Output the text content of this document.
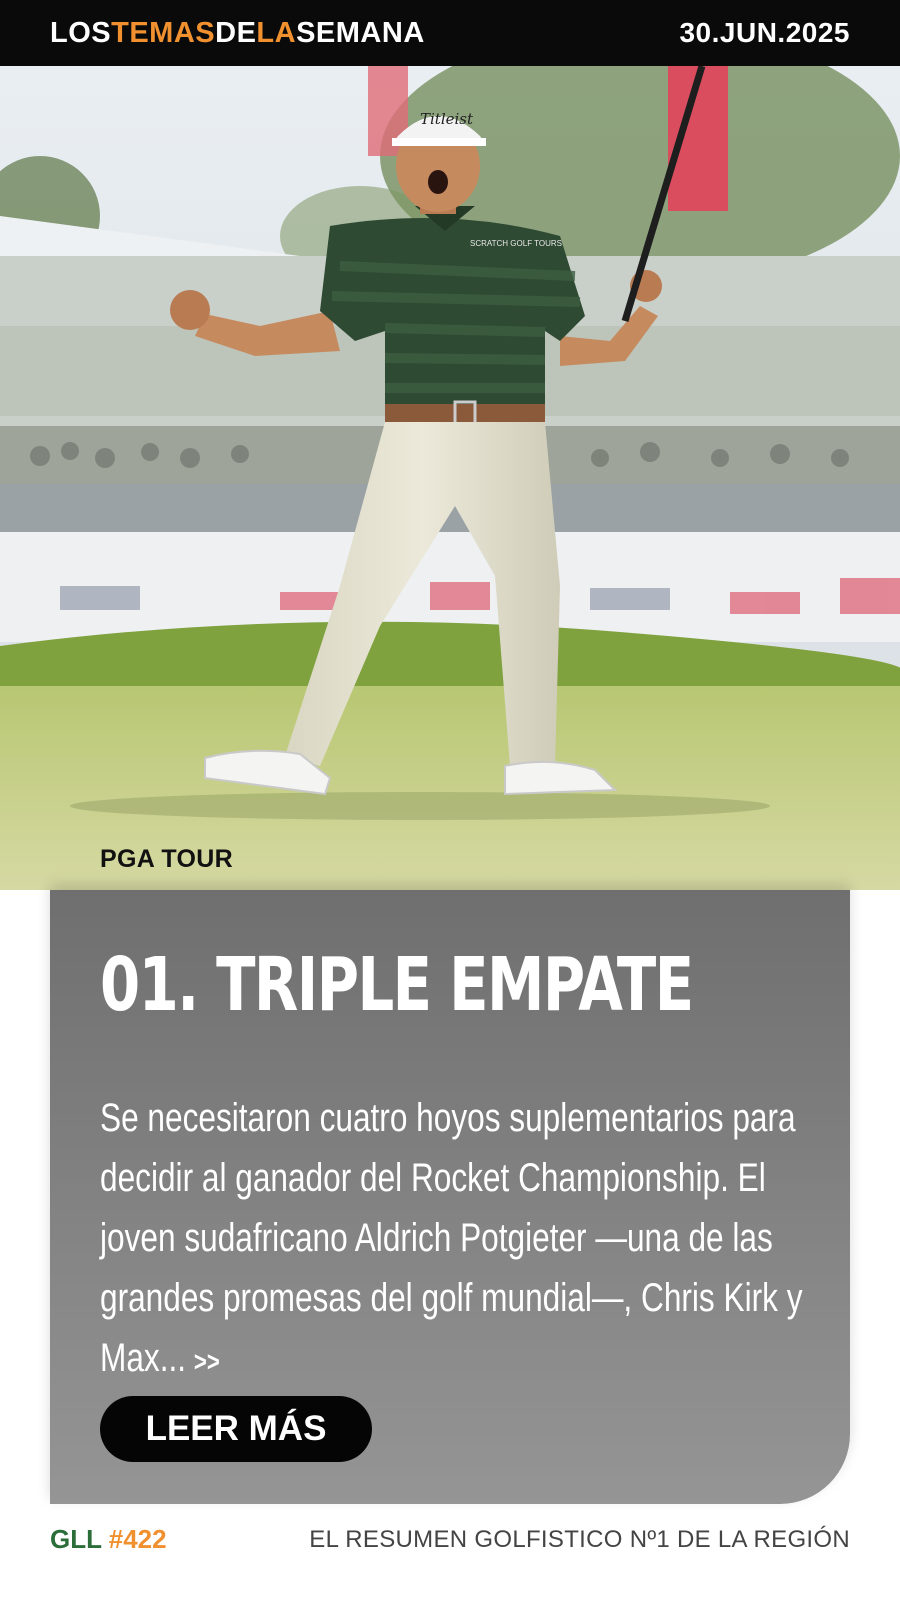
LOSTEMASDELASEMANA	30.JUN.2025
Titleist
SCRATCH GOLF TOURS
PGA TOUR
01. TRIPLE EMPATE
Se necesitaron cuatro hoyos suplementarios para decidir al ganador del Rocket Championship. El joven sudafricano Aldrich Potgieter —una de las grandes promesas del golf mundial—, Chris Kirk y Max... >>
LEER MÁS
GLL #422	EL RESUMEN GOLFISTICO Nº1 DE LA REGIÓN
